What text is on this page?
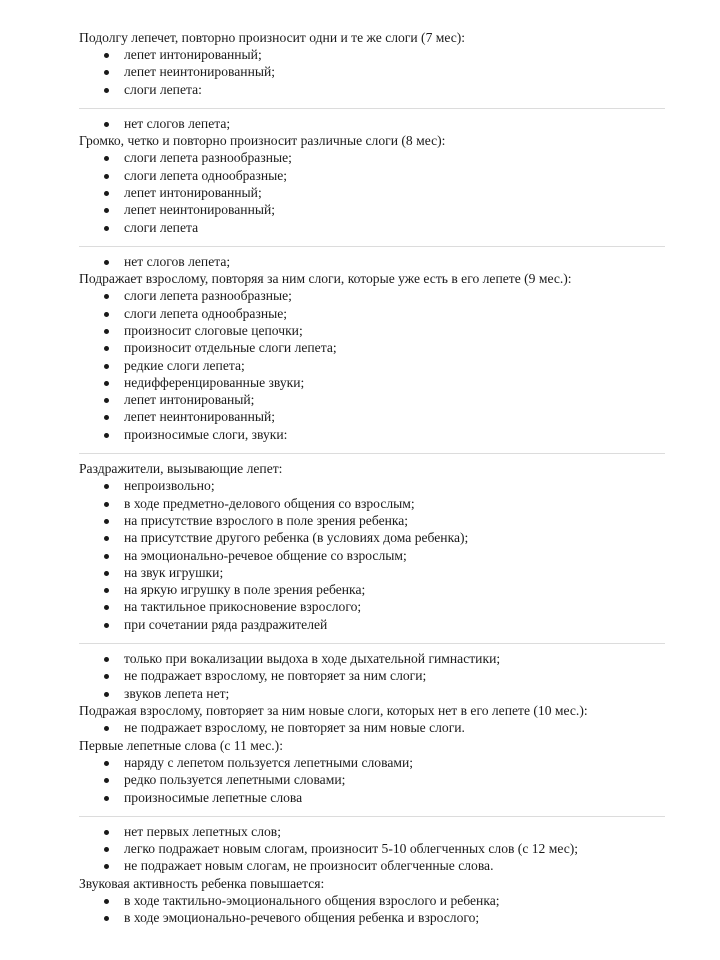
Подолгу лепечет, повторно произносит одни и те же слоги (7 мес):
лепет интонированный;
лепет неинтонированный;
слоги лепета:
нет слогов лепета;
Громко, четко и повторно произносит различные слоги (8 мес):
слоги лепета разнообразные;
слоги лепета однообразные;
лепет интонированный;
лепет неинтонированный;
слоги лепета
нет слогов лепета;
Подражает взрослому, повторяя за ним слоги, которые уже есть в его лепете (9 мес.):
слоги лепета разнообразные;
слоги лепета однообразные;
произносит слоговые цепочки;
произносит отдельные слоги лепета;
редкие слоги лепета;
недифференцированные звуки;
лепет интонированый;
лепет неинтонированный;
произносимые слоги, звуки:
Раздражители, вызывающие лепет:
непроизвольно;
в ходе предметно-делового общения со взрослым;
на присутствие взрослого в поле зрения ребенка;
на присутствие другого ребенка (в условиях дома ребенка);
на эмоционально-речевое общение со взрослым;
на звук игрушки;
на яркую игрушку в поле зрения ребенка;
на тактильное прикосновение взрослого;
при сочетании ряда раздражителей
только при вокализации выдоха в ходе дыхательной гимнастики;
не подражает взрослому, не повторяет за ним слоги;
звуков лепета нет;
Подражая взрослому, повторяет за ним новые слоги, которых нет в его лепете (10 мес.):
не подражает взрослому, не повторяет за ним новые слоги.
Первые лепетные слова (с 11 мес.):
наряду с лепетом пользуется лепетными словами;
редко пользуется лепетными словами;
произносимые лепетные слова
нет первых лепетных слов;
легко подражает новым слогам, произносит 5-10 облегченных слов (с 12 мес);
не подражает новым слогам, не произносит облегченные слова.
Звуковая активность ребенка повышается:
в ходе тактильно-эмоционального общения взрослого и ребенка;
в ходе эмоционально-речевого общения ребенка и взрослого;
